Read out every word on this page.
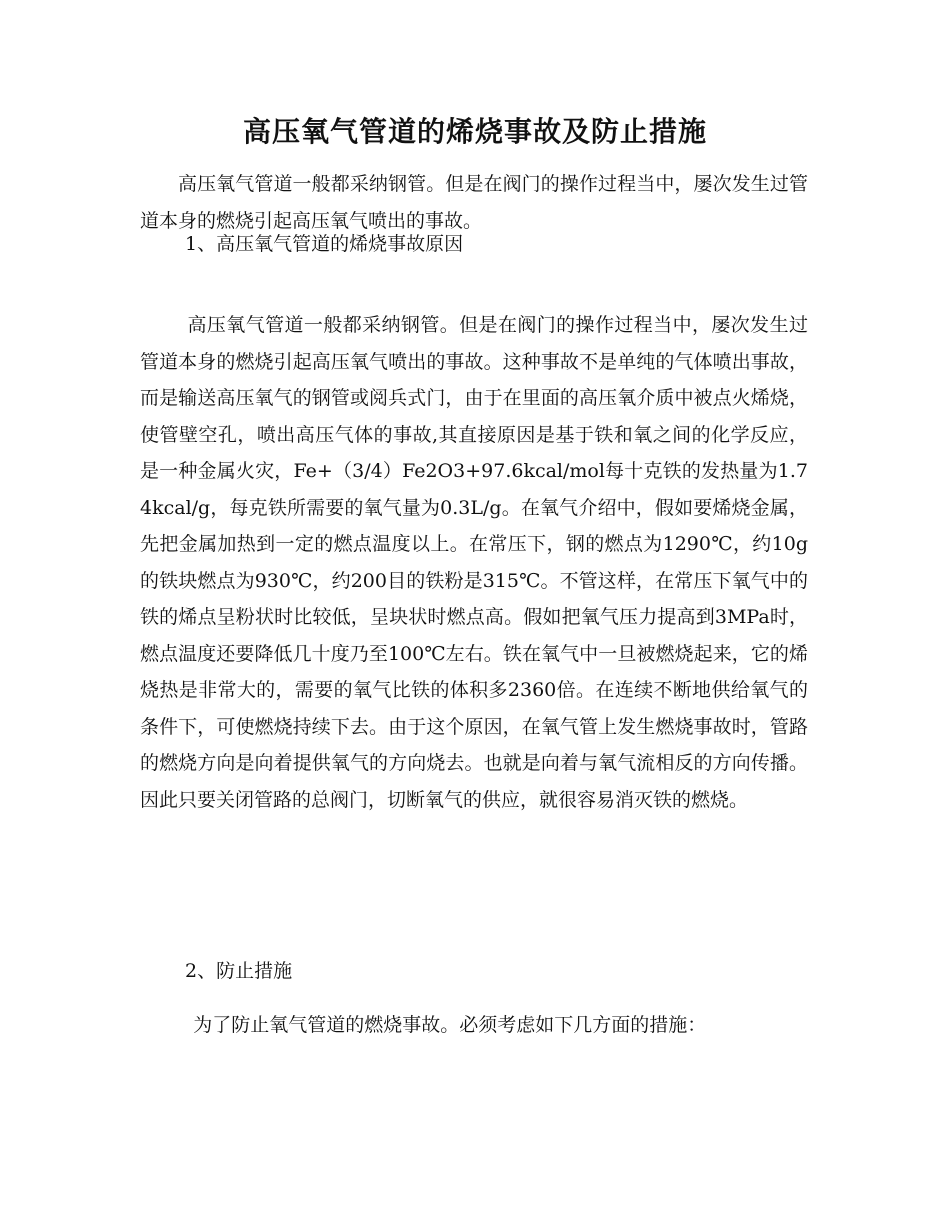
高压氧气管道的烯烧事故及防止措施

高压氧气管道一般都采纳钢管。但是在阀门的操作过程当中，屡次发生过管道本身的燃烧引起高压氧气喷出的事故。

1、高压氧气管道的烯烧事故原因

高压氧气管道一般都采纳钢管。但是在阀门的操作过程当中，屡次发生过管道本身的燃烧引起高压氧气喷出的事故。这种事故不是单纯的气体喷出事故，而是输送高压氧气的钢管或阅兵式门，由于在里面的高压氧介质中被点火烯烧，使管壁空孔，喷出高压气体的事故,其直接原因是基于铁和氧之间的化学反应，是一种金属火灾，Fe+（3/4）Fe2O3+97.6kcal/mol每十克铁的发热量为1.74kcal/g，每克铁所需要的氧气量为0.3L/g。在氧气介绍中，假如要烯烧金属，先把金属加热到一定的燃点温度以上。在常压下，钢的燃点为1290℃，约10g的铁块燃点为930℃，约200目的铁粉是315℃。不管这样，在常压下氧气中的铁的烯点呈粉状时比较低，呈块状时燃点高。假如把氧气压力提高到3MPa时，燃点温度还要降低几十度乃至100℃左右。铁在氧气中一旦被燃烧起来，它的烯烧热是非常大的，需要的氧气比铁的体积多2360倍。在连续不断地供给氧气的条件下，可使燃烧持续下去。由于这个原因，在氧气管上发生燃烧事故时，管路的燃烧方向是向着提供氧气的方向烧去。也就是向着与氧气流相反的方向传播。因此只要关闭管路的总阀门，切断氧气的供应，就很容易消灭铁的燃烧。

2、防止措施

为了防止氧气管道的燃烧事故。必须考虑如下几方面的措施：
